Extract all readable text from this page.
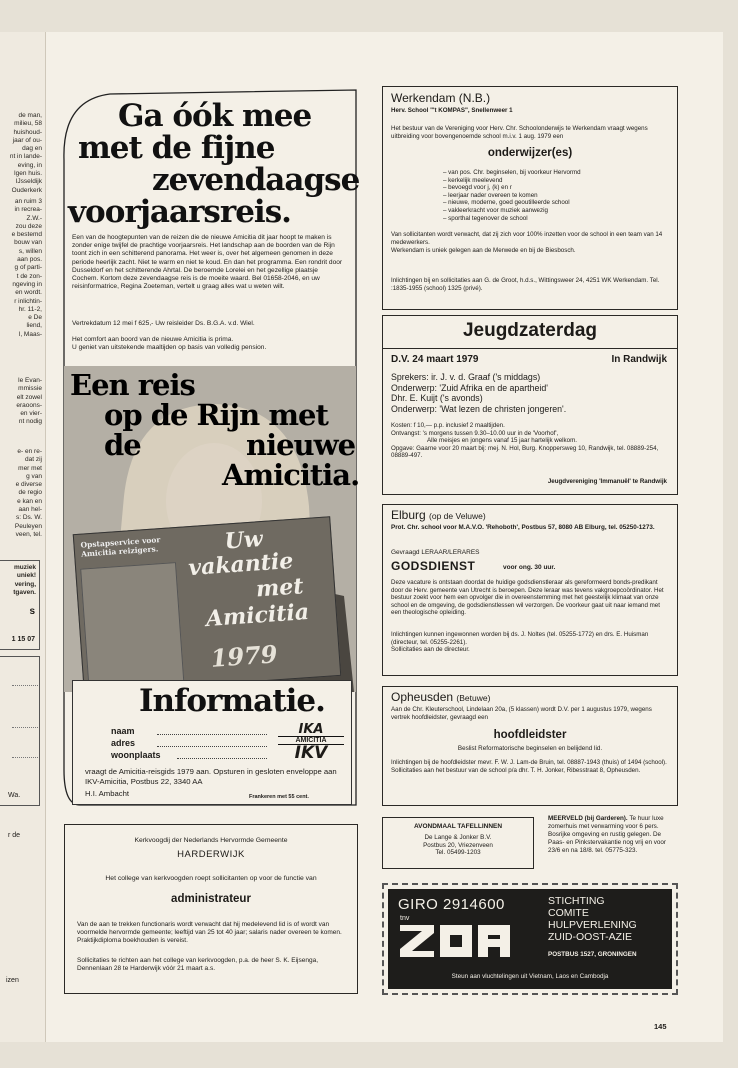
de man,
milieu, 58
huishoud-
jaar of ou-
dag en
nt in lande-
eving, in
lgen huis.
IJsseldijk
Ouderkerk
an ruim 3
in recrea-
Z.W.-
zou deze
e bestemd
bouw van
s, willen
aan pos.
g of parti-
t de zon-
ngeving in
en wordt.
r inlichtin-
hr. 11-2,
e De
liend,
l, Maas-
le Evan-
mmissie
elt zowel
eraoons-
en vier-
nt nodig
e- en re-
dat zij
mer met
g van
e diverse
de regio
e kan en
aan hel-
s: Ds. W.
Peuleyen
veen, tel.
muziek
uniek!
vering,
tgaven.
s
1 15 07
Wa.
r de
izen
Ga óók mee
met de fijne
zevendaagse
voorjaarsreis.
Een van de hoogtepunten van de reizen die de nieuwe Amicitia dit jaar hoopt te maken is zonder enige twijfel de prachtige voorjaarsreis. Het landschap aan de boorden van de Rijn toont zich in een schitterend panorama. Het weer is, over het algemeen genomen in deze periode heerlijk zacht. Niet te warm en niet te koud. En dan het programma. Een rondrit door Dusseldorf en het schitterende Ahrtal. De beroemde Lorelei en het gezellige plaatsje Cochem. Kortom deze zevendaagse reis is de moeite waard. Bel 01658-2046, en uw reisinformatrice, Regina Zoeteman, vertelt u graag alles wat u weten wilt.
Vertrekdatum 12 mei f 625,- Uw reisleider Ds. B.G.A. v.d. Wiel.
Het comfort aan boord van de nieuwe Amicitia is prima.
U geniet van uitstekende maaltijden op basis van volledig pension.
Een reis
op de Rijn met de	nieuwe
Amicitia.
Opstapservice voor Amicitia reizigers.	Uw
vakantie
met
Amicitia
1979
Informatie.
naam
adres
woonplaats
IKA
AMICITIA
IKV
vraagt de Amicitia-reisgids 1979 aan. Opsturen in gesloten enveloppe aan IKV-Amicitia, Postbus 22, 3340 AA
H.I. Ambacht	Frankeren met 55 cent.
Kerkvoogdij der Nederlands Hervormde Gemeente
HARDERWIJK
Het college van kerkvoogden roept sollicitanten op voor de functie van
administrateur
Van de aan te trekken functionaris wordt verwacht dat hij medelevend lid is of wordt van voormelde hervormde gemeente; leeftijd van 25 tot 40 jaar; salaris nader overeen te komen. Praktijkdiploma boekhouden is vereist.
Sollicitaties te richten aan het college van kerkvoogden, p.a. de heer S. K. Eijsenga, Dennenlaan 28 te Harderwijk vóór 21 maart a.s.
Werkendam (N.B.)
Herv. School "'t KOMPAS", Snellenweer 1
Het bestuur van de Vereniging voor Herv. Chr. Schoolonderwijs te Werkendam vraagt wegens uitbreiding voor bovengenoemde school m.i.v. 1 aug. 1979 een
onderwijzer(es)
– van pos. Chr. beginselen, bij voorkeur Hervormd
– kerkelijk meelevend
– bevoegd voor j, (k) en r
– leerjaar nader overeen te komen
– nieuwe, moderne, goed geoutilleerde school
– vakleerkracht voor muziek aanwezig
– sporthal tegenover de school
Van sollicitanten wordt verwacht, dat zij zich voor 100% inzetten voor de school in een team van 14 medewerkers.
Werkendam is uniek gelegen aan de Merwede en bij de Biesbosch.
Inlichtingen bij en sollicitaties aan G. de Groot, h.d.s., Wittingsweer 24, 4251 WK Werkendam. Tel. :1835-1955 (school) 1325 (privé).
Jeugdzaterdag
D.V. 24 maart 1979	In Randwijk
Sprekers: ir. J. v. d. Graaf ('s middags)
Onderwerp: 'Zuid Afrika en de apartheid'
Dhr. E. Kuijt ('s avonds)
Onderwerp: 'Wat lezen de christen jongeren'.
Kosten: f 10,— p.p. inclusief 2 maaltijden.
Ontvangst: 's morgens tussen 9.30–10.00 uur in de 'Voorhof',
Alle meisjes en jongens vanaf 15 jaar hartelijk welkom.
Opgave: Gaarne voor 20 maart bij: mej. N. Hol, Burg. Knoppersweg 10, Randwijk, tel. 08889-254, 08889-497.
Jeugdvereniging 'Immanuël' te Randwijk
Elburg (op de Veluwe)
Prot. Chr. school voor M.A.V.O. 'Rehoboth', Postbus 57, 8080 AB Elburg, tel. 05250-1273.
Gevraagd LERAAR/LERARES
GODSDIENST	voor ong. 30 uur.
Deze vacature is ontstaan doordat de huidige godsdienstleraar als gereformeerd bonds-predikant door de Herv. gemeente van Utrecht is beroepen. Deze leraar was tevens vakgroepcoördinator. Het bestuur zoekt voor hem een opvolger die in overeenstemming met het geestelijk klimaat van onze school en de omgeving, de godsdienstlessen wil verzorgen. De voorkeur gaat uit naar iemand met een theologische opleiding.
Inlichtingen kunnen ingewonnen worden bij ds. J. Noltes (tel. 05255-1772) en drs. E. Huisman (directeur, tel. 05255-2261).
Sollicitaties aan de directeur.
Opheusden (Betuwe)
Aan de Chr. Kleuterschool, Lindelaan 20a, (5 klassen) wordt D.V. per 1 augustus 1979, wegens vertrek hoofdleidster, gevraagd een
hoofdleidster
Beslist Reformatorische beginselen en belijdend lid.
Inlichtingen bij de hoofdleidster mevr. F. W. J. Lam-de Bruin, tel. 08887-1943 (thuis) of 1494 (school).
Sollicitaties aan het bestuur van de school p/a dhr. T. H. Jonker, Ribesstraat 8, Opheusden.
AVONDMAAL TAFELLINNEN
De Lange & Jonker B.V.
Postbus 20, Vriezenveen
Tel. 05499-1203
MEERVELD (bij Garderen). Te huur luxe zomerhuis met verwarming voor 6 pers. Bosrijke omgeving en rustig gelegen. De Paas- en Pinkstervakantie nog vrij en voor 23/6 en na 18/8. tel. 05775-323.
GIRO 2914600
tnv
STICHTING
COMITE
HULPVERLENING
ZUID-OOST-AZIE
POSTBUS 1527, GRONINGEN
Steun aan vluchtelingen uit Vietnam, Laos en Cambodja
145
